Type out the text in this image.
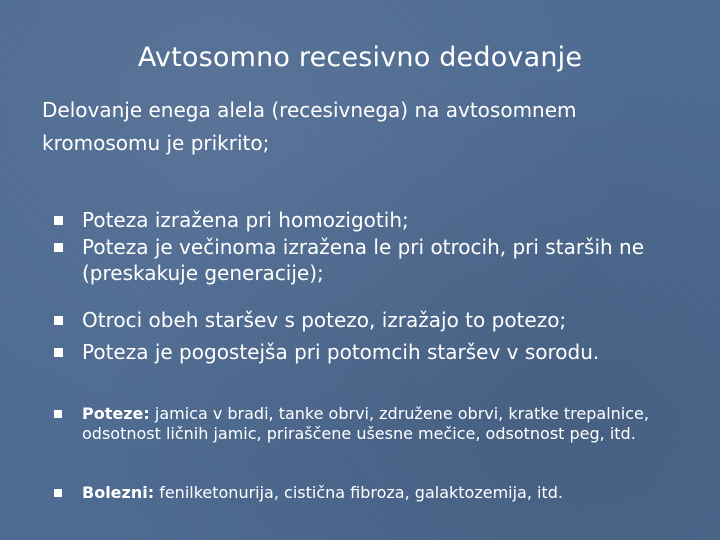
Avtosomno recesivno dedovanje
Delovanje enega alela (recesivnega) na avtosomnem kromosomu je prikrito;
Poteza izražena pri homozigotih;
Poteza je večinoma izražena le pri otrocih, pri starših ne (preskakuje generacije);
Otroci obeh staršev s potezo, izražajo to potezo;
Poteza je pogostejša pri potomcih staršev v sorodu.
Poteze: jamica v bradi, tanke obrvi, združene obrvi, kratke trepalnice, odsotnost ličnih jamic, priraščene ušesne mečice, odsotnost peg, itd.
Bolezni: fenilketonurija, cistična fibroza, galaktozemija, itd.
